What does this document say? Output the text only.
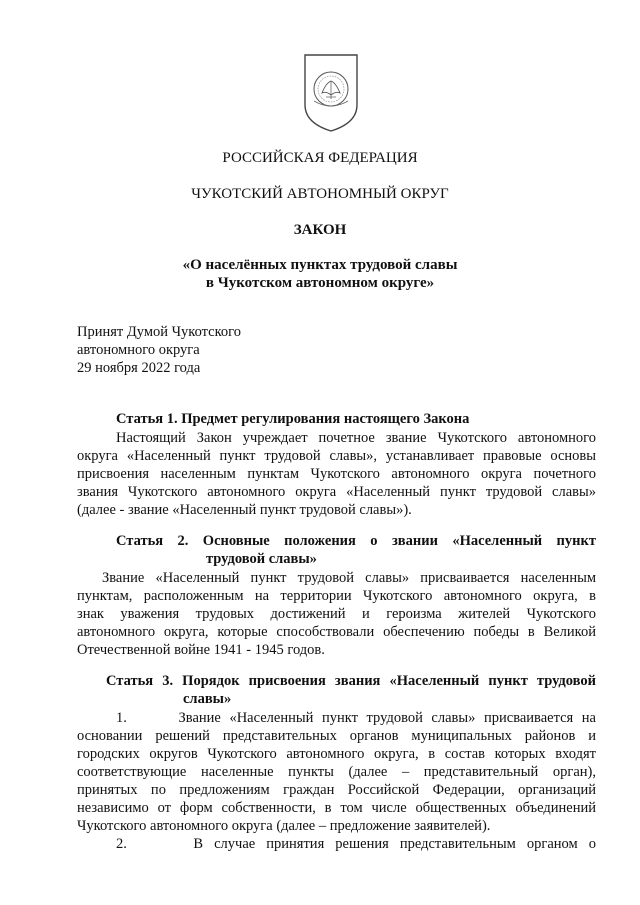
РОССИЙСКАЯ ФЕДЕРАЦИЯ
ЧУКОТСКИЙ АВТОНОМНЫЙ ОКРУГ
ЗАКОН
«О населённых пунктах трудовой славы
в Чукотском автономном округе»
Принят Думой Чукотского
автономного округа
29 ноября 2022 года
Статья 1. Предмет регулирования настоящего Закона
Настоящий Закон учреждает почетное звание Чукотского автономного
округа «Населенный пункт трудовой славы», устанавливает правовые основы
присвоения населенным пунктам Чукотского автономного округа почетного
звания Чукотского автономного округа «Населенный пункт трудовой славы»
(далее - звание «Населенный пункт трудовой славы»).
Статья 2. Основные положения о звании «Населенный пункт
трудовой славы»
Звание «Населенный пункт трудовой славы» присваивается населенным
пунктам, расположенным на территории Чукотского автономного округа, в
знак уважения трудовых достижений и героизма жителей Чукотского
автономного округа, которые способствовали обеспечению победы в Великой
Отечественной войне 1941 - 1945 годов.
Статья 3. Порядок присвоения звания «Населенный пункт трудовой
славы»
1.      Звание «Населенный пункт трудовой славы» присваивается на
основании решений представительных органов муниципальных районов и
городских округов Чукотского автономного округа, в состав которых входят
соответствующие населенные пункты (далее – представительный орган),
принятых по предложениям граждан Российской Федерации, организаций
независимо от форм собственности, в том числе общественных объединений
Чукотского автономного округа (далее – предложение заявителей).
2.      В случае принятия решения представительным органом о
